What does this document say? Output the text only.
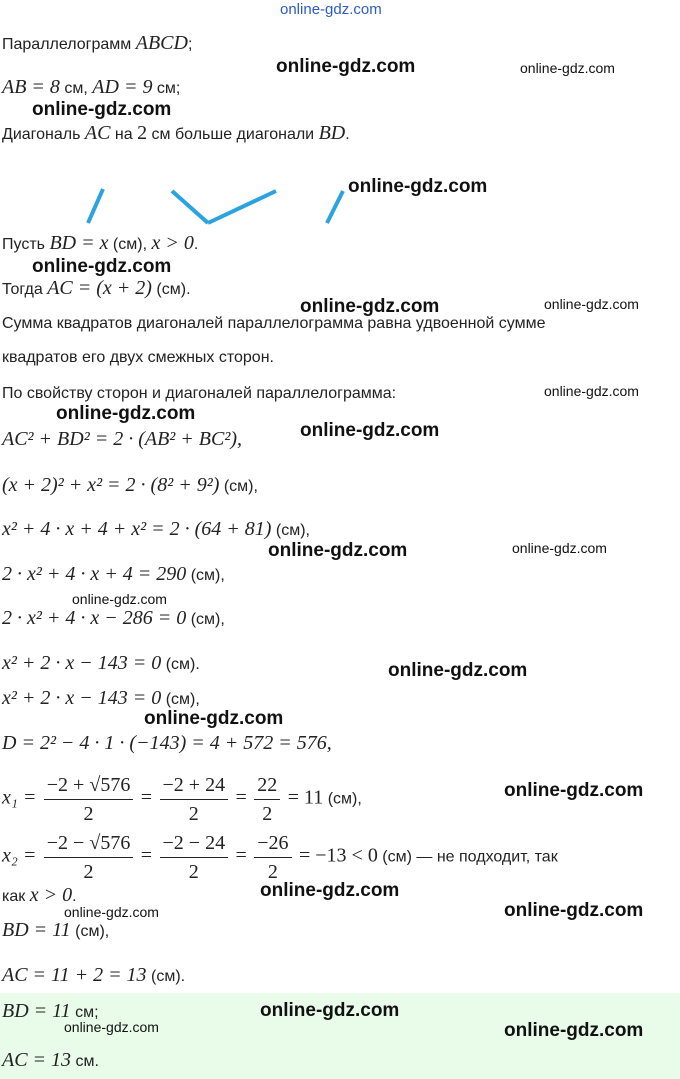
Параллелограмм ABCD;
AB = 8 см, AD = 9 см;
Диагональ AC на 2 см больше диагонали BD.
Пусть BD = x (см), x > 0.
Тогда AC = (x + 2) (см).
Сумма квадратов диагоналей параллелограмма равна удвоенной сумме
квадратов его двух смежных сторон.
По свойству сторон и диагоналей параллелограмма:
AC² + BD² = 2 · (AB² + BC²),
(x + 2)² + x² = 2 · (8² + 9²) (см),
x² + 4 · x + 4 + x² = 2 · (64 + 81) (см),
2 · x² + 4 · x + 4 = 290 (см),
2 · x² + 4 · x − 286 = 0 (см),
x² + 2 · x − 143 = 0 (см).
x² + 2 · x − 143 = 0 (см),
D = 2² − 4 · 1 · (−143) = 4 + 572 = 576,
$x_1 = \frac{-2 + √576}{2} = \frac{-2 + 24}{2} = \frac{22}{2} = 11$ (см),
$x_2 = \frac{-2 - √576}{2} = \frac{-2 - 24}{2} = \frac{-26}{2} = -13 < 0$ (см) — не подходит, так
как x > 0.
BD = 11 (см),
AC = 11 + 2 = 13 (см).
BD = 11 см;
AC = 13 см.
online-gdz.com
online-gdz.com	online-gdz.com
online-gdz.com
online-gdz.com
online-gdz.com
online-gdz.com	online-gdz.com
online-gdz.com
online-gdz.com
online-gdz.com
online-gdz.com	online-gdz.com
online-gdz.com
online-gdz.com
online-gdz.com
online-gdz.com
online-gdz.com
online-gdz.com	online-gdz.com
online-gdz.com
online-gdz.com	online-gdz.com
